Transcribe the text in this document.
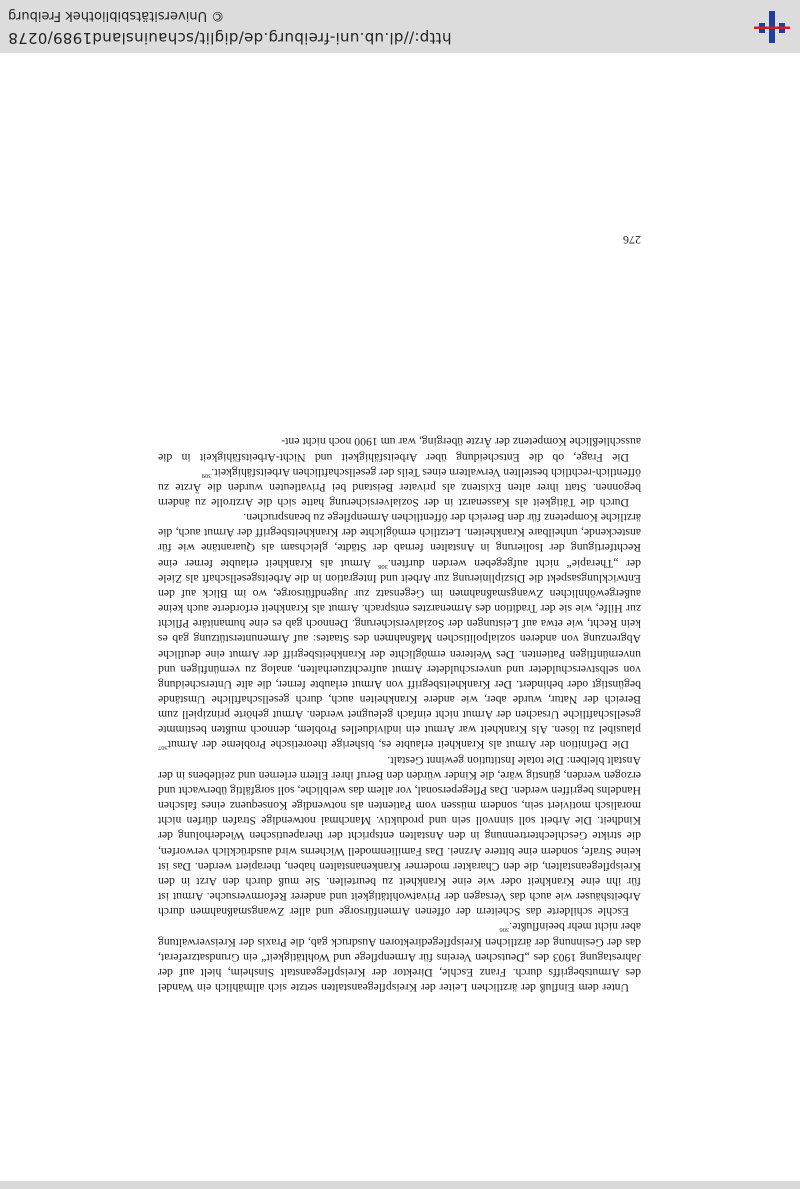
Unter dem Einfluß der ärztlichen Leiter der Kreispflegeanstalten setzte sich allmählich ein Wandel des Armutsbegriffs durch. Franz Eschle, Direktor der Kreispflegeanstalt Sinsheim, hielt auf der Jahrestagung 1903 des „Deutschen Vereins für Armenpflege und Wohltätigkeit“ ein Grundsatzreferat, das der Gesinnung der ärztlichen Kreispflegedirektoren Ausdruck gab, die Praxis der Kreisverwaltung aber nicht mehr beeinflußte.$^{306}$

Eschle schilderte das Scheitern der offenen Armenfürsorge und aller Zwangsmaßnahmen durch Arbeitshäuser wie auch das Versagen der Privatwohltätigkeit und anderer Reformversuche. Armut ist für ihn eine Krankheit oder wie eine Krankheit zu beurteilen. Sie muß durch den Arzt in den Kreispflegeanstalten, die den Charakter moderner Krankenanstalten haben, therapiert werden. Das ist keine Strafe, sondern eine bittere Arznei. Das Familienmodell Wicherns wird ausdrücklich verworfen, die strikte Geschlechtertrennung in den Anstalten entspricht der therapeutischen Wiederholung der Kindheit. Die Arbeit soll sinnvoll sein und produktiv. Manchmal notwendige Strafen dürfen nicht moralisch motiviert sein, sondern müssen vom Patienten als notwendige Konsequenz eines falschen Handelns begriffen werden. Das Pflegepersonal, vor allem das weibliche, soll sorgfältig überwacht und erzogen werden, günstig wäre, die Kinder würden den Beruf ihrer Eltern erlernen und zeitlebens in der Anstalt bleiben: Die totale Institution gewinnt Gestalt.

Die Definition der Armut als Krankheit erlaubte es, bisherige theoretische Probleme der Armut$^{307}$ plausibel zu lösen. Als Krankheit war Armut ein individuelles Problem, dennoch mußten bestimmte gesellschaftliche Ursachen der Armut nicht einfach geleugnet werden. Armut gehörte prinzipiell zum Bereich der Natur, wurde aber, wie andere Krankheiten auch, durch gesellschaftliche Umstände begünstigt oder behindert. Der Krankheitsbegriff von Armut erlaubte ferner, die alte Unterscheidung von selbstverschuldeter und unverschuldeter Armut aufrechtzuerhalten, analog zu vernünftigen und unvernünftigen Patienten. Des Weiteren ermöglichte der Krankheitsbegriff der Armut eine deutliche Abgrenzung von anderen sozialpolitischen Maßnahmen des Staates: auf Armenunterstützung gab es kein Recht, wie etwa auf Leistungen der Sozialversicherung. Dennoch gab es eine humanitäre Pflicht zur Hilfe, wie sie der Tradition des Armenarztes entsprach. Armut als Krankheit erforderte auch keine außergewöhnlichen Zwangsmaßnahmen im Gegensatz zur Jugendfürsorge, wo im Blick auf den Entwicklungsaspekt die Disziplinierung zur Arbeit und Integration in die Arbeitsgesellschaft als Ziele der „Therapie“ nicht aufgegeben werden durften.$^{308}$ Armut als Krankheit erlaubte ferner eine Rechtfertigung der Isolierung in Anstalten fernab der Städte, gleichsam als Quarantäne wie für ansteckende, unheilbare Krankheiten. Letztlich ermöglichte der Krankheitsbegriff der Armut auch, die ärztliche Kompetenz für den Bereich der öffentlichen Armenpflege zu beanspruchen.

Durch die Tätigkeit als Kassenarzt in der Sozialversicherung hatte sich die Arztrolle zu ändern begonnen. Statt ihrer alten Existenz als privater Beistand bei Privatleuten wurden die Ärzte zu öffentlich-rechtlich bestellten Verwaltern eines Teils der gesellschaftlichen Arbeitsfähigkeit.$^{309}$

Die Frage, ob die Entscheidung über Arbeitsfähigkeit und Nicht-Arbeitsfähigkeit in die ausschließliche Kompetenz der Ärzte überging, war um 1900 noch nicht ent-

276
http://dl.ub.uni-freiburg.de/diglit/schauinsland1989/0278
© Universitätsbibliothek Freiburg
